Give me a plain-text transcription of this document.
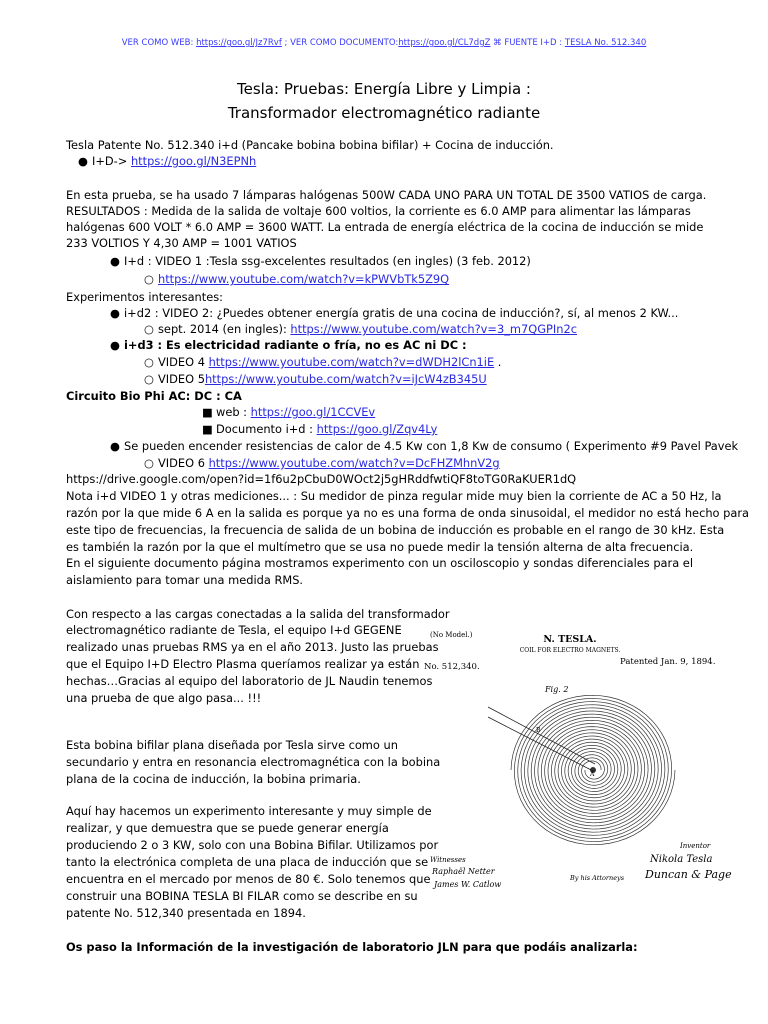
VER COMO WEB: https://goo.gl/Jz7Rvf ; VER COMO DOCUMENTO:https://goo.gl/CL7dgZ ⌘ FUENTE I+D : TESLA No. 512.340
Tesla: Pruebas: Energía Libre y Limpia :
Transformador electromagnético radiante
Tesla Patente No. 512.340 i+d (Pancake bobina bobina bifilar) + Cocina de inducción.
● I+D-> https://goo.gl/N3EPNh
En esta prueba, se ha usado 7 lámparas halógenas 500W CADA UNO PARA UN TOTAL DE 3500 VATIOS de carga.
RESULTADOS : Medida de la salida de voltaje 600 voltios, la corriente es 6.0 AMP para alimentar las lámparas
halógenas 600 VOLT * 6.0 AMP = 3600 WATT. La entrada de energía eléctrica de la cocina de inducción se mide
233 VOLTIOS Y 4,30 AMP = 1001 VATIOS
● I+d : VIDEO 1 :Tesla ssg-excelentes resultados (en ingles) (3 feb. 2012)
○ https://www.youtube.com/watch?v=kPWVbTk5Z9Q
Experimentos interesantes:
● i+d2 : VIDEO 2: ¿Puedes obtener energía gratis de una cocina de inducción?, sí, al menos 2 KW...
○ sept. 2014 (en ingles): https://www.youtube.com/watch?v=3_m7QGPIn2c
● i+d3 : Es electricidad radiante o fría, no es AC ni DC :
○ VIDEO 4 https://www.youtube.com/watch?v=dWDH2lCn1iE .
○ VIDEO 5https://www.youtube.com/watch?v=iJcW4zB345U
Circuito Bio Phi AC: DC : CA
■ web : https://goo.gl/1CCVEv
■ Documento i+d : https://goo.gl/Zqv4Ly
● Se pueden encender resistencias de calor de 4.5 Kw con 1,8 Kw de consumo ( Experimento #9 Pavel Pavek
○ VIDEO 6 https://www.youtube.com/watch?v=DcFHZMhnV2g
https://drive.google.com/open?id=1f6u2pCbuD0WOct2j5gHRddfwtiQF8toTG0RaKUER1dQ
Nota i+d VIDEO 1 y otras mediciones... : Su medidor de pinza regular mide muy bien la corriente de AC a 50 Hz, la
razón por la que mide 6 A en la salida es porque ya no es una forma de onda sinusoidal, el medidor no está hecho para
este tipo de frecuencias, la frecuencia de salida de un bobina de inducción es probable en el rango de 30 kHz. Esta
es también la razón por la que el multímetro que se usa no puede medir la tensión alterna de alta frecuencia.
En el siguiente documento página mostramos experimento con un osciloscopio y sondas diferenciales para el
aislamiento para tomar una medida RMS.
Con respecto a las cargas conectadas a la salida del transformador
electromagnético radiante de Tesla, el equipo I+d GEGENE
realizado unas pruebas RMS ya en el año 2013. Justo las pruebas
que el Equipo I+D Electro Plasma queríamos realizar ya están
hechas…Gracias al equipo del laboratorio de JL Naudin tenemos
una prueba de que algo pasa... !!!
Esta bobina bifilar plana diseñada por Tesla sirve como un
secundario y entra en resonancia electromagnética con la bobina
plana de la cocina de inducción, la bobina primaria.
Aquí hay hacemos un experimento interesante y muy simple de
realizar, y que demuestra que se puede generar energía
produciendo 2 o 3 KW, solo con una Bobina Bifilar. Utilizamos por
tanto la electrónica completa de una placa de inducción que se
encuentra en el mercado por menos de 80 €. Solo tenemos que
construir una BOBINA TESLA BI FILAR como se describe en su
patente No. 512,340 presentada en 1894.
Os paso la Información de la investigación de laboratorio JLN para que podáis analizarla:
(No Model.)	N. TESLA.
COIL FOR ELECTRO MAGNETS.
No. 512,340.	Patented Jan. 9, 1894.
Fig. 2
A
B
Witnesses
Raphaël Netter
James W. Catlow
Inventor
Nikola Tesla
By his Attorneys Duncan & Page
